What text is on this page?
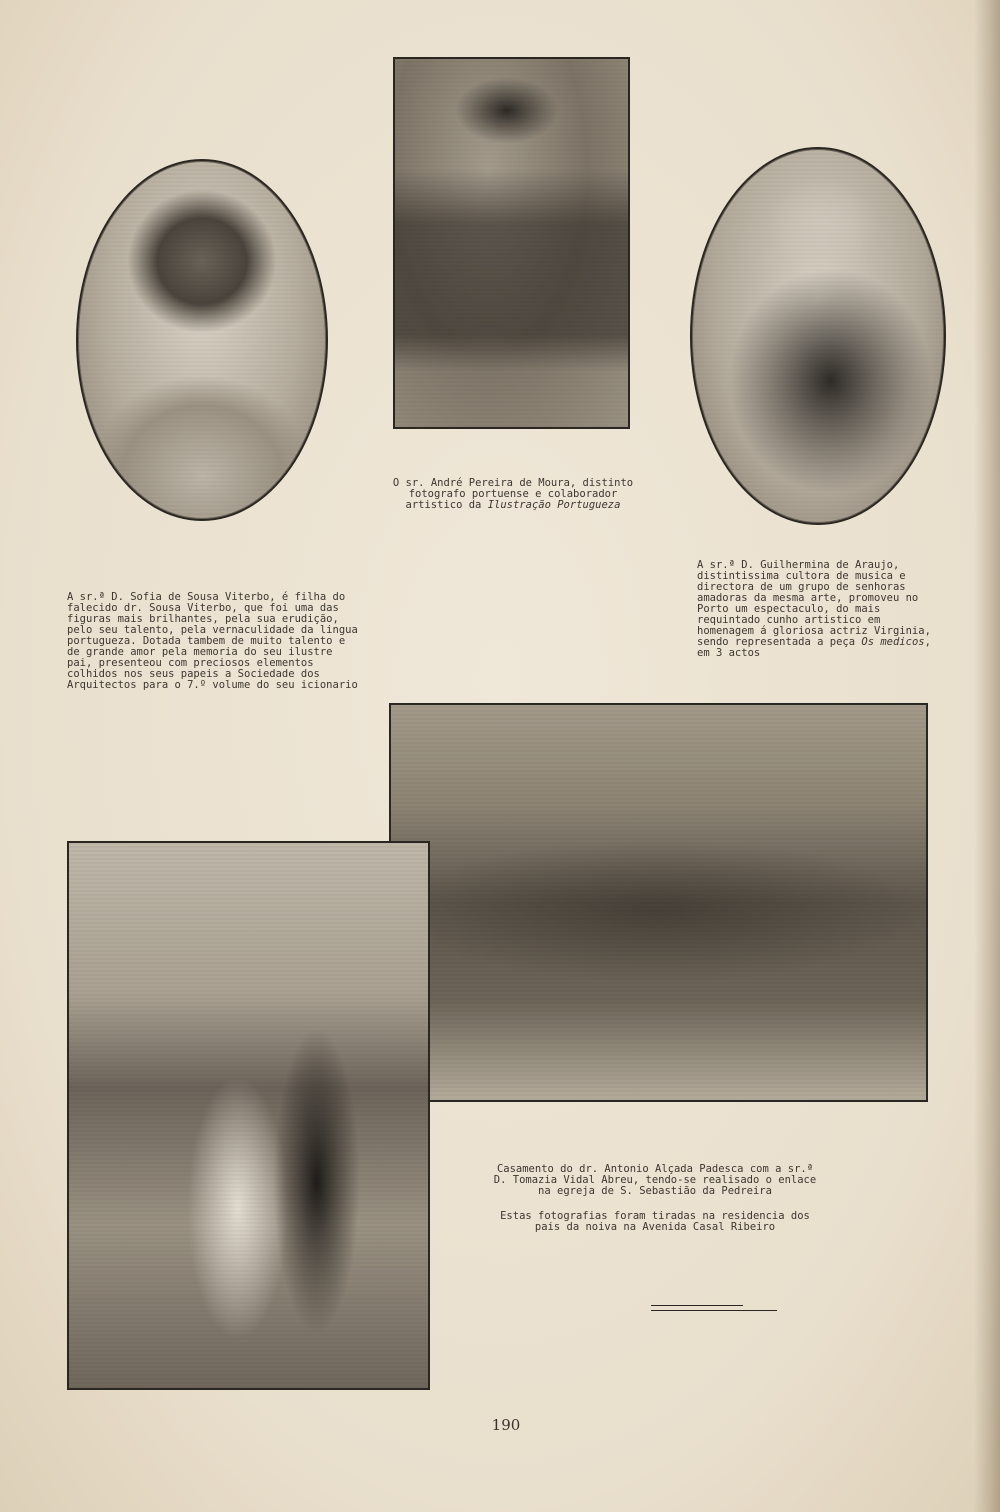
O sr. André Pereira de Moura, distinto fotografo portuense e colaborador artistico da Ilustração Portugueza

A sr.ª D. Sofia de Sousa Viterbo, é filha do falecido dr. Sousa Viterbo, que foi uma das figuras mais brilhantes, pela sua erudição, pelo seu talento, pela vernaculidade da lingua portugueza. Dotada tambem de muito talento e de grande amor pela memoria do seu ilustre pai, presenteou com preciosos elementos colhidos nos seus papeis a Sociedade dos Arquitectos para o 7.º volume do seu icionario

A sr.ª D. Guilhermina de Araujo, distintissima cultora de musica e directora de um grupo de senhoras amadoras da mesma arte, promoveu no Porto um espectaculo, do mais requintado cunho artistico em homenagem á gloriosa actriz Virginia, sendo representada a peça Os medicos, em 3 actos

Casamento do dr. Antonio Alçada Padesca com a sr.ª D. Tomazia Vidal Abreu, tendo-se realisado o enlace na egreja de S. Sebastião da Pedreira

Estas fotografias foram tiradas na residencia dos pais da noiva na Avenida Casal Ribeiro

190
